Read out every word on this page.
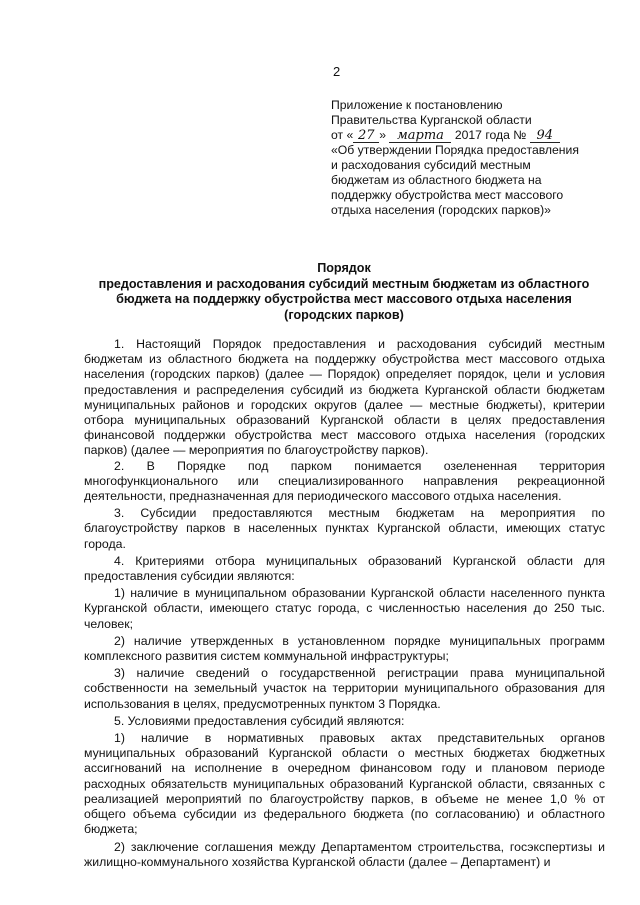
2
Приложение к постановлению
Правительства Курганской области
от « 27 » марта 2017 года № 94
«Об утверждении Порядка предоставления
и расходования субсидий местным
бюджетам из областного бюджета на
поддержку обустройства мест массового
отдыха населения (городских парков)»
Порядок
предоставления и расходования субсидий местным бюджетам из областного
бюджета на поддержку обустройства мест массового отдыха населения
(городских парков)

1. Настоящий Порядок предоставления и расходования субсидий местным бюджетам из областного бюджета на поддержку обустройства мест массового отдыха населения (городских парков) (далее — Порядок) определяет порядок, цели и условия предоставления и распределения субсидий из бюджета Курганской области бюджетам муниципальных районов и городских округов (далее — местные бюджеты), критерии отбора муниципальных образований Курганской области в целях предоставления финансовой поддержки обустройства мест массового отдыха населения (городских парков) (далее — мероприятия по благоустройству парков).

2. В Порядке под парком понимается озелененная территория многофункционального или специализированного направления рекреационной деятельности, предназначенная для периодического массового отдыха населения.

3. Субсидии предоставляются местным бюджетам на мероприятия по благоустройству парков в населенных пунктах Курганской области, имеющих статус города.

4. Критериями отбора муниципальных образований Курганской области для предоставления субсидии являются:

1) наличие в муниципальном образовании Курганской области населенного пункта Курганской области, имеющего статус города, с численностью населения до 250 тыс. человек;

2) наличие утвержденных в установленном порядке муниципальных программ комплексного развития систем коммунальной инфраструктуры;

3) наличие сведений о государственной регистрации права муниципальной собственности на земельный участок на территории муниципального образования для использования в целях, предусмотренных пунктом 3 Порядка.

5. Условиями предоставления субсидий являются:

1) наличие в нормативных правовых актах представительных органов муниципальных образований Курганской области о местных бюджетах бюджетных ассигнований на исполнение в очередном финансовом году и плановом периоде расходных обязательств муниципальных образований Курганской области, связанных с реализацией мероприятий по благоустройству парков, в объеме не менее 1,0 % от общего объема субсидии из федерального бюджета (по согласованию) и областного бюджета;

2) заключение соглашения между Департаментом строительства, госэкспертизы и жилищно-коммунального хозяйства Курганской области (далее – Департамент) и
